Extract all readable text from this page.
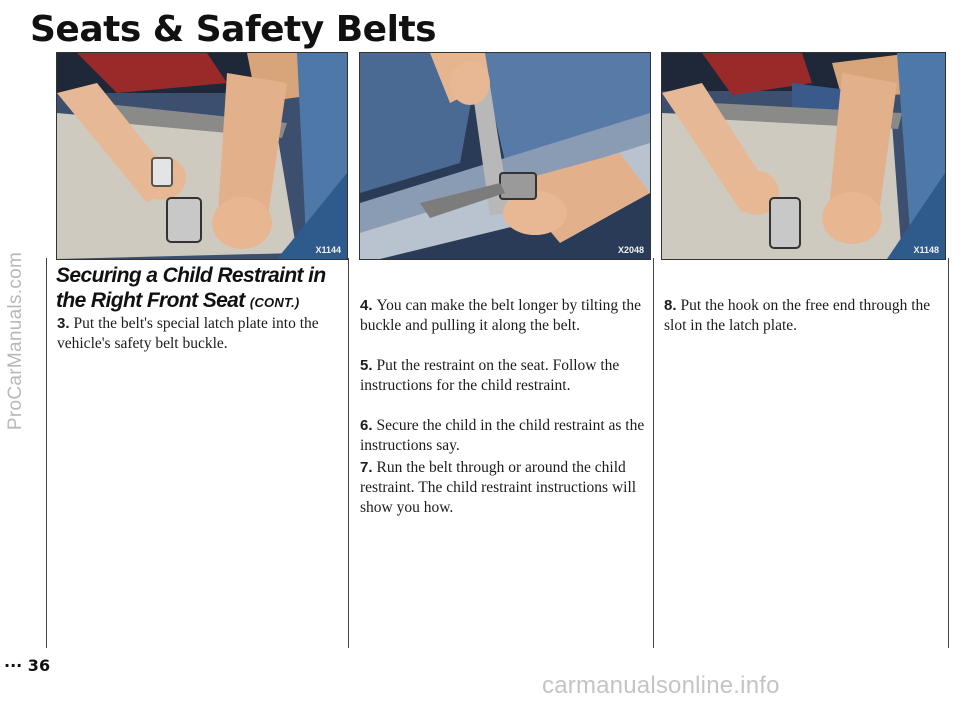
Seats & Safety Belts
ProCarManuals.com
X1144	X2048	X1148
Securing a Child Restraint in the Right Front Seat (CONT.)
3. Put the belt's special latch plate into the vehicle's safety belt buckle.
4. You can make the belt longer by tilting the buckle and pulling it along the belt.
5. Put the restraint on the seat. Follow the instructions for the child restraint.
6. Secure the child in the child restraint as the instructions say.
7. Run the belt through or around the child restraint. The child restraint instructions will show you how.
8. Put the hook on the free end through the slot in the latch plate.
··· 36
carmanualsonline.info
